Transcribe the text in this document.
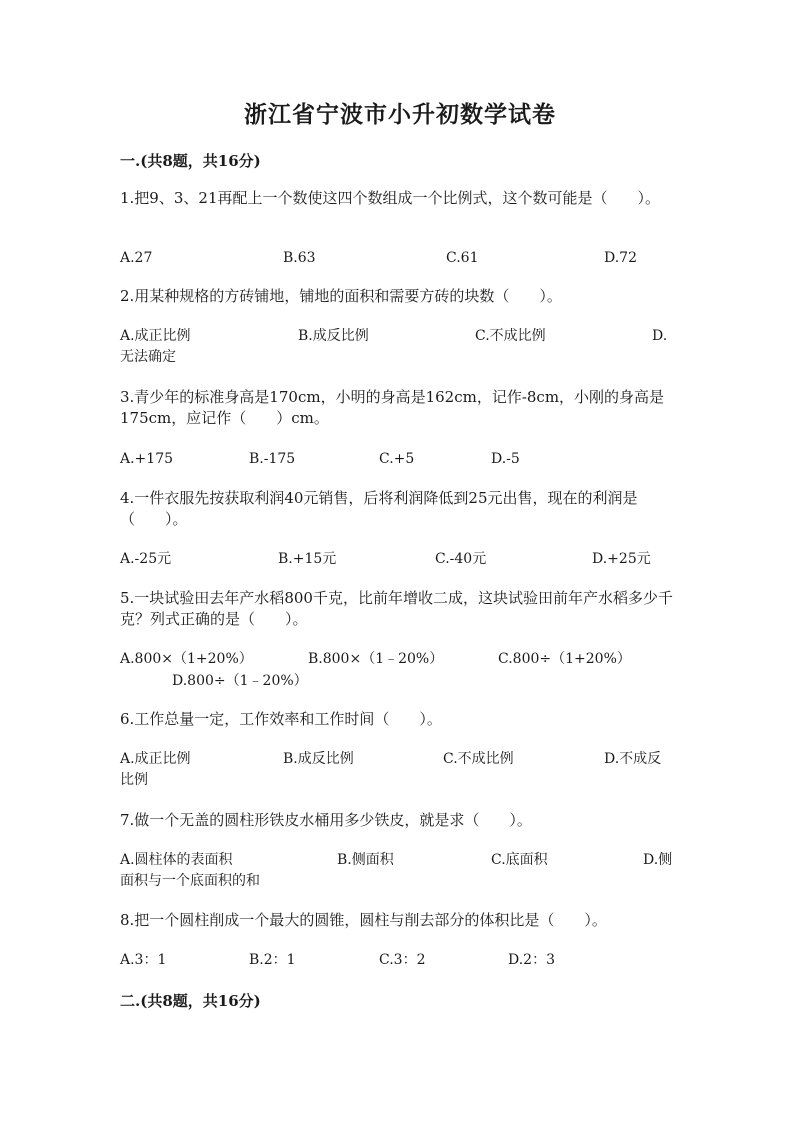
浙江省宁波市小升初数学试卷
一.(共8题，共16分)
1.把9、3、21再配上一个数使这四个数组成一个比例式，这个数可能是（　　）。
A.27	B.63	C.61	D.72
2.用某种规格的方砖铺地，铺地的面积和需要方砖的块数（　　）。
A.成正比例	B.成反比例	C.不成比例	D.
无法确定
3.青少年的标准身高是170cm，小明的身高是162cm，记作-8cm，小刚的身高是175cm，应记作（　　）cm。
A.+175	B.-175	C.+5	D.-5
4.一件衣服先按获取利润40元销售，后将利润降低到25元出售，现在的利润是（　　）。
A.-25元	B.+15元	C.-40元	D.+25元
5.一块试验田去年产水稻800千克，比前年增收二成，这块试验田前年产水稻多少千克？列式正确的是（　　）。
A.800×（1+20%）	B.800×（1﹣20%）	C.800÷（1+20%）
D.800÷（1﹣20%）
6.工作总量一定，工作效率和工作时间（　　）。
A.成正比例	B.成反比例	C.不成比例	D.不成反
比例
7.做一个无盖的圆柱形铁皮水桶用多少铁皮，就是求（　　）。
A.圆柱体的表面积	B.侧面积	C.底面积	D.侧
面积与一个底面积的和
8.把一个圆柱削成一个最大的圆锥，圆柱与削去部分的体积比是（　　）。
A.3：1	B.2：1	C.3：2	D.2：3
二.(共8题，共16分)
